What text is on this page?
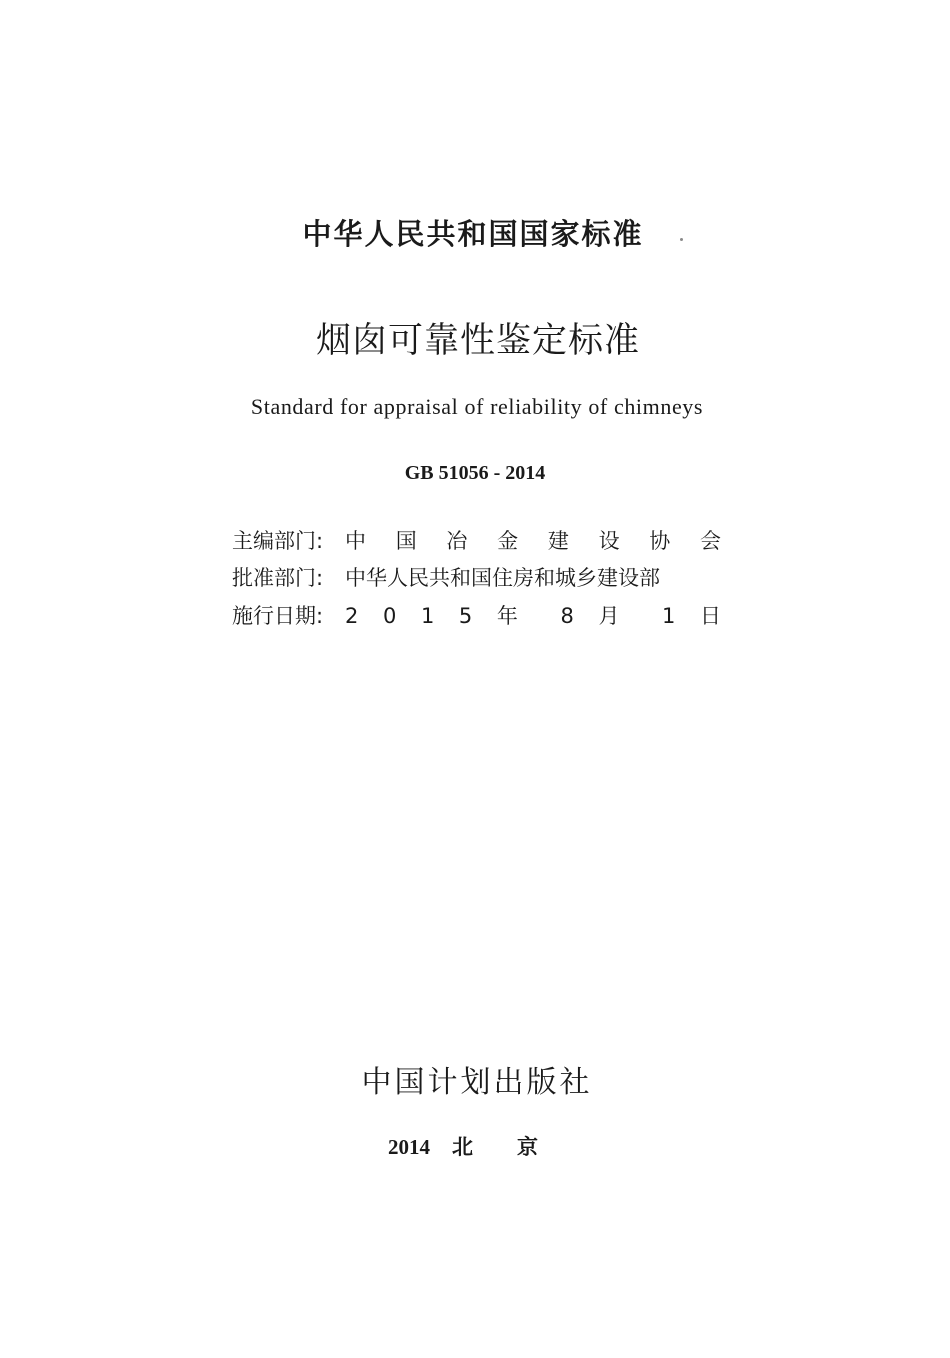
中华人民共和国国家标准
烟囱可靠性鉴定标准
Standard for appraisal of reliability of chimneys
GB 51056 - 2014
主编部门:	中 国 冶 金 建 设 协 会
批准部门:	中华人民共和国住房和城乡建设部
施行日期:	2 0 1 5 年 8 月 1 日
中国计划出版社
2014 北京
